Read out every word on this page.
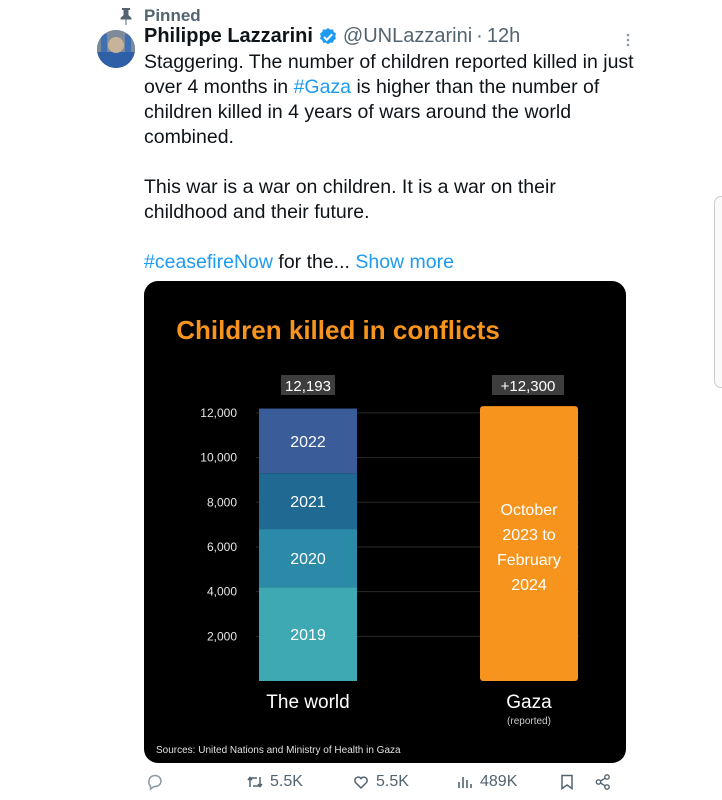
Pinned
Philippe Lazzarini @UNLazzarini · 12h

Staggering. The number of children reported killed in just over 4 months in #Gaza is higher than the number of children killed in 4 years of wars around the world combined.

This war is a war on children. It is a war on their childhood and their future.

#ceasefireNow for the... Show more

Children killed in conflicts
2,000
4,000
6,000
8,000
10,000
12,000
2019
2020
2021
2022
October
2023 to
February
2024
12,193	+12,300
The world	Gaza
(reported)
Sources: United Nations and Ministry of Health in Gaza
5.5K	5.5K	489K
